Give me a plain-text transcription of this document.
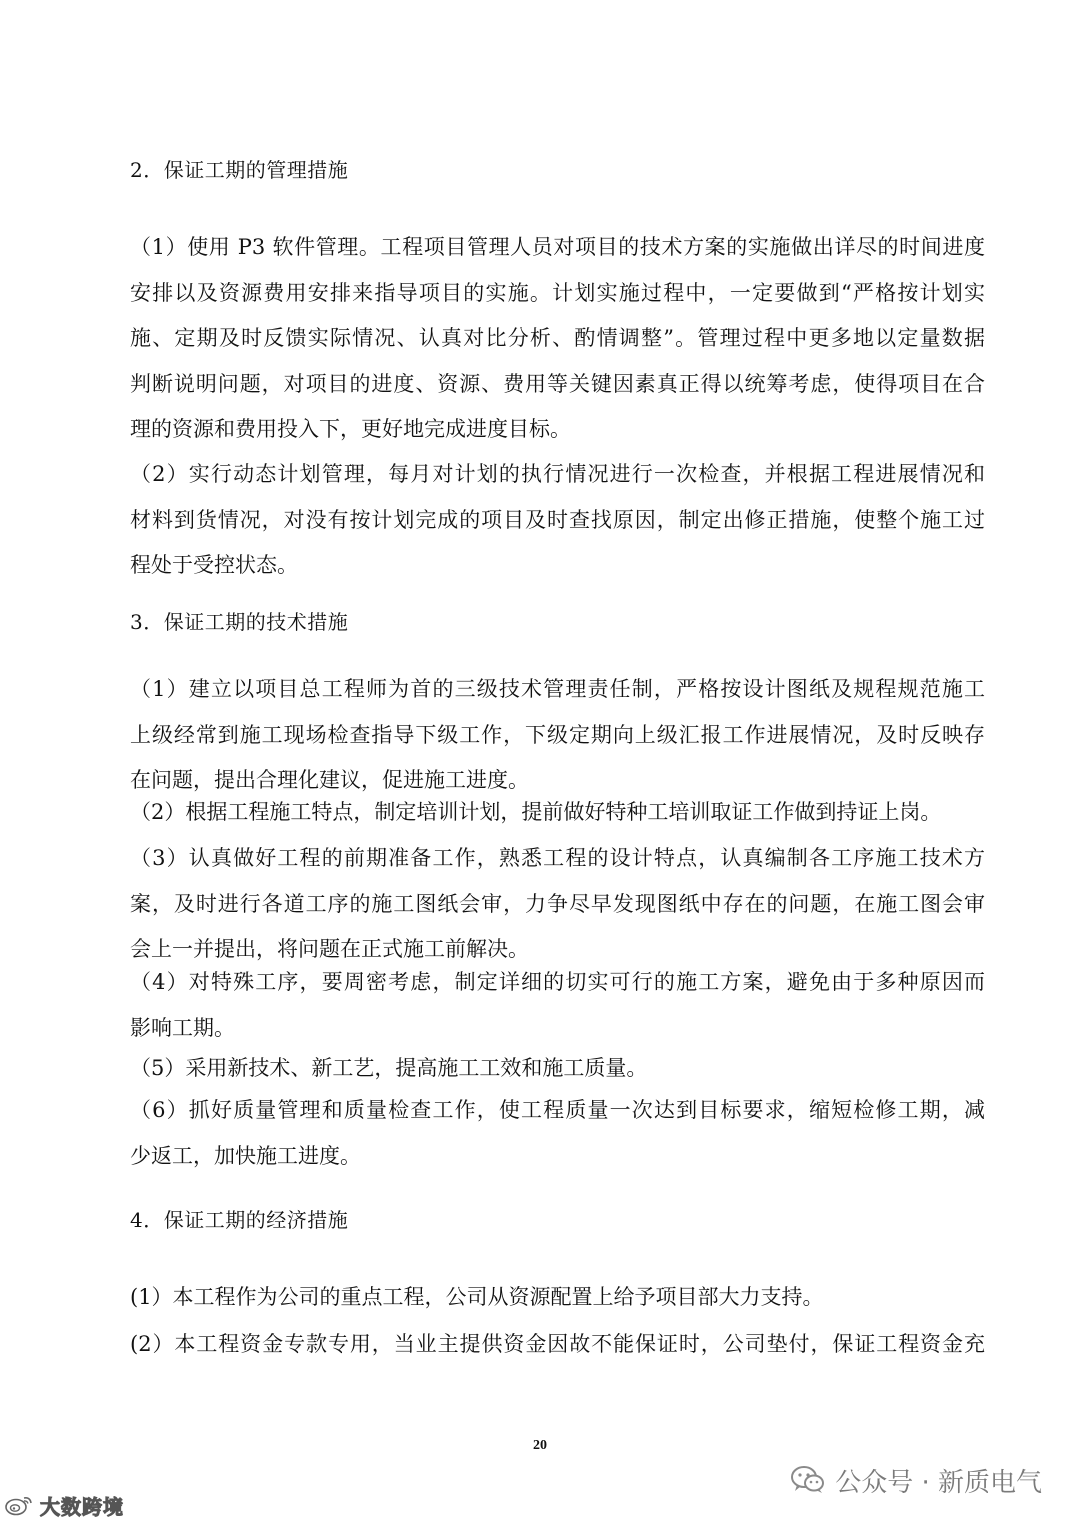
2．保证工期的管理措施
（1）使用 P3 软件管理。工程项目管理人员对项目的技术方案的实施做出详尽的时间进度
安排以及资源费用安排来指导项目的实施。计划实施过程中，一定要做到“严格按计划实
施、定期及时反馈实际情况、认真对比分析、酌情调整”。管理过程中更多地以定量数据
判断说明问题，对项目的进度、资源、费用等关键因素真正得以统筹考虑，使得项目在合
理的资源和费用投入下，更好地完成进度目标。
（2）实行动态计划管理，每月对计划的执行情况进行一次检查，并根据工程进展情况和
材料到货情况，对没有按计划完成的项目及时查找原因，制定出修正措施，使整个施工过
程处于受控状态。
3．保证工期的技术措施
（1）建立以项目总工程师为首的三级技术管理责任制，严格按设计图纸及规程规范施工
上级经常到施工现场检查指导下级工作，下级定期向上级汇报工作进展情况，及时反映存
在问题，提出合理化建议，促进施工进度。
（2）根据工程施工特点，制定培训计划，提前做好特种工培训取证工作做到持证上岗。
（3）认真做好工程的前期准备工作，熟悉工程的设计特点，认真编制各工序施工技术方
案，及时进行各道工序的施工图纸会审，力争尽早发现图纸中存在的问题，在施工图会审
会上一并提出，将问题在正式施工前解决。
（4）对特殊工序，要周密考虑，制定详细的切实可行的施工方案，避免由于多种原因而
影响工期。
（5）采用新技术、新工艺，提高施工工效和施工质量。
（6）抓好质量管理和质量检查工作，使工程质量一次达到目标要求，缩短检修工期，减
少返工，加快施工进度。
4．保证工期的经济措施
(1）本工程作为公司的重点工程，公司从资源配置上给予项目部大力支持。
(2）本工程资金专款专用，当业主提供资金因故不能保证时，公司垫付，保证工程资金充
20
公众号 · 新质电气
大数跨境
